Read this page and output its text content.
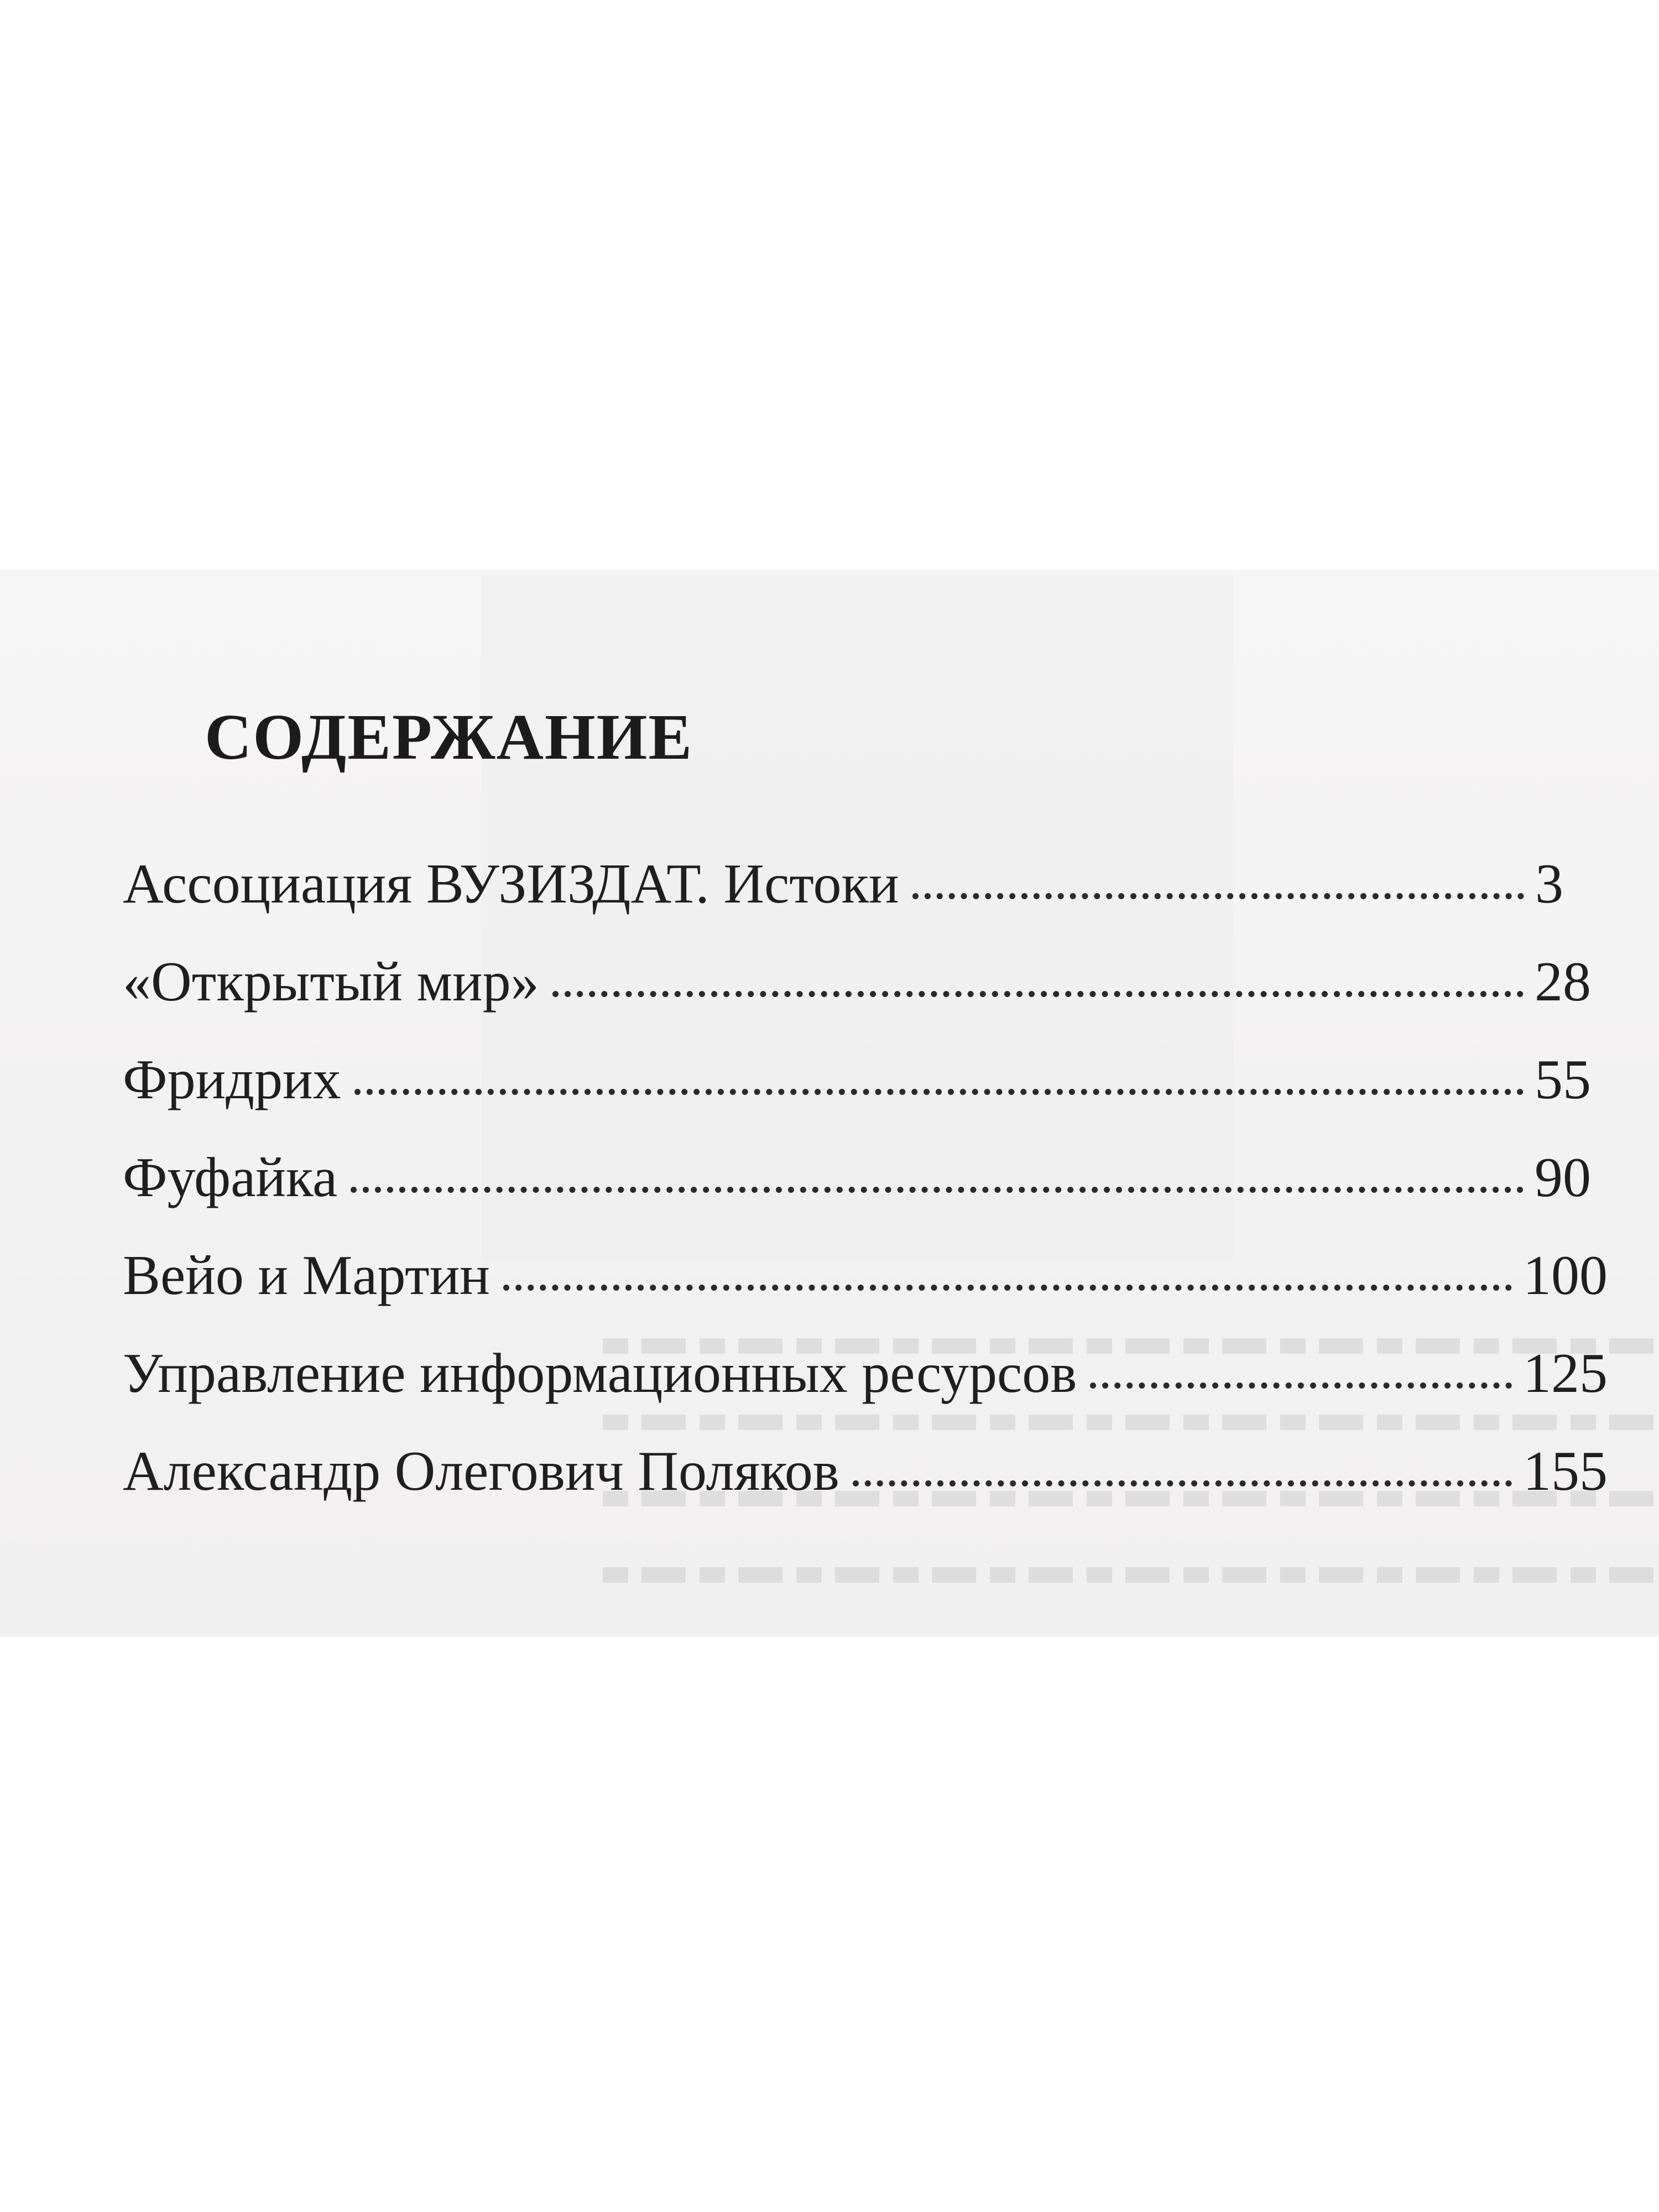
СОДЕРЖАНИЕ
Ассоциация ВУЗИЗДАТ. Истоки	3
«Открытый мир»	28
Фридрих	55
Фуфайка	90
Вейо и Мартин	100
Управление информационных ресурсов	125
Александр Олегович Поляков	155
